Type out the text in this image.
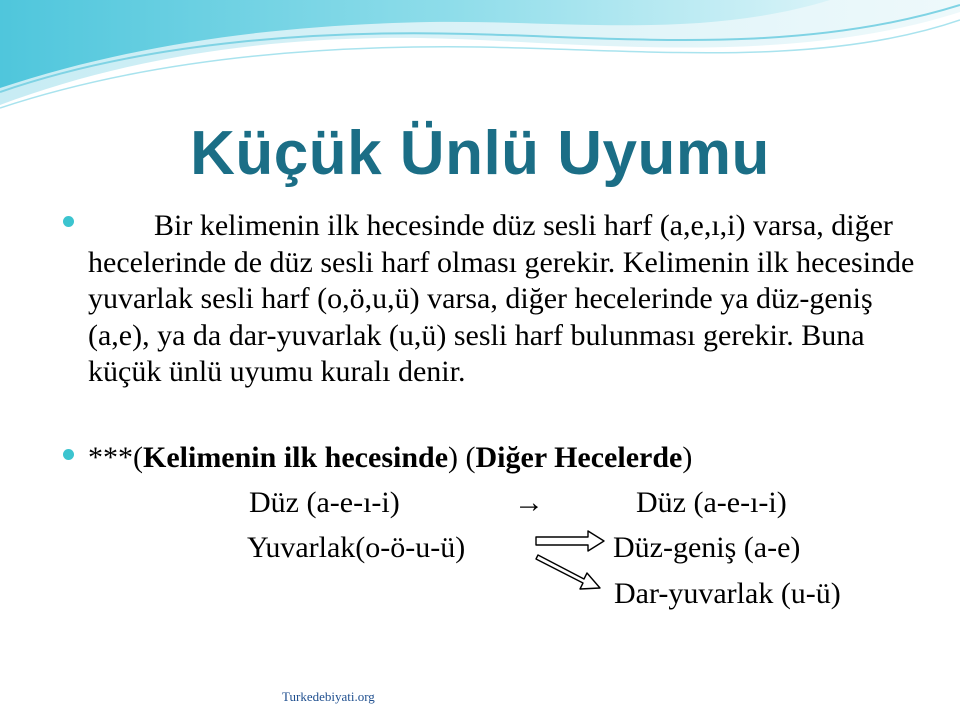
Küçük Ünlü Uyumu
Bir kelimenin ilk hecesinde düz sesli harf (a,e,ı,i) varsa, diğer hecelerinde de düz sesli harf olması gerekir. Kelimenin ilk hecesinde yuvarlak sesli harf (o,ö,u,ü) varsa, diğer hecelerinde ya düz-geniş (a,e), ya da dar-yuvarlak (u,ü) sesli harf bulunması gerekir. Buna küçük ünlü uyumu kuralı denir.
***(Kelimenin ilk hecesinde) (Diğer Hecelerde)
Düz (a-e-ı-i)	→	Düz (a-e-ı-i)
Yuvarlak(o-ö-u-ü)	Düz-geniş (a-e)
Dar-yuvarlak (u-ü)
Turkedebiyati.org
